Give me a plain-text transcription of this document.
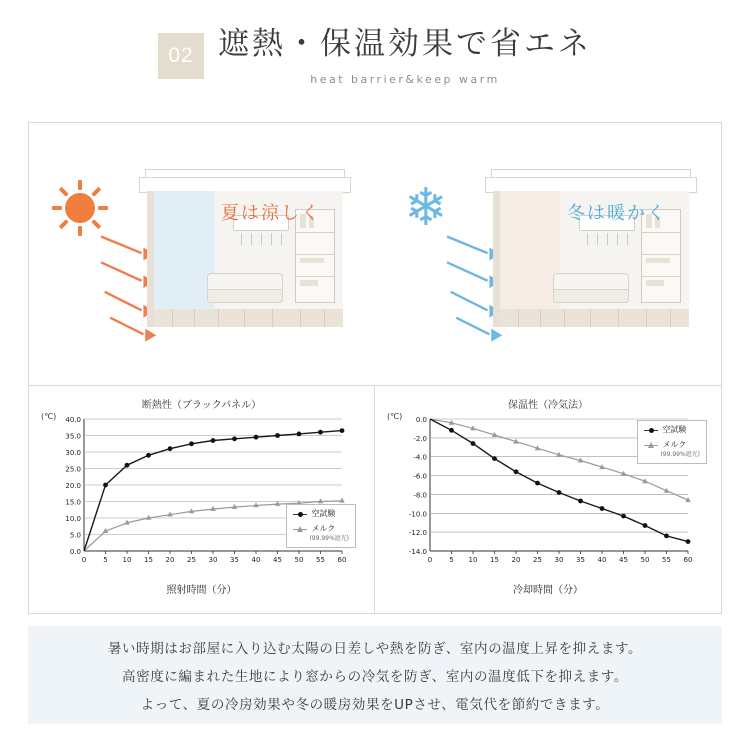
02 遮熱・保温効果で省エネ
heat barrier&keep warm
夏は涼しく ❄	冬は暖かく
断熱性（ブラックパネル）
(℃) 40.0
35.0
30.0
25.0
20.0
15.0
10.0
5.0
0.0
0 5 10 15 20 25 30 35 40 45 50 55 60
空試験
メルク
(99.99%遮光)
照射時間（分）
保温性（冷気法）
(℃) 0.0
-2.0
-4.0
-6.0
-8.0
-10.0
-12.0
-14.0
0 5 10 15 20 25 30 35 40 45 50 55 60
空試験
メルク
(99.99%遮光)
冷却時間（分）

暑い時期はお部屋に入り込む太陽の日差しや熱を防ぎ、室内の温度上昇を抑えます。

高密度に編まれた生地により窓からの冷気を防ぎ、室内の温度低下を抑えます。

よって、夏の冷房効果や冬の暖房効果をUPさせ、電気代を節約できます。
